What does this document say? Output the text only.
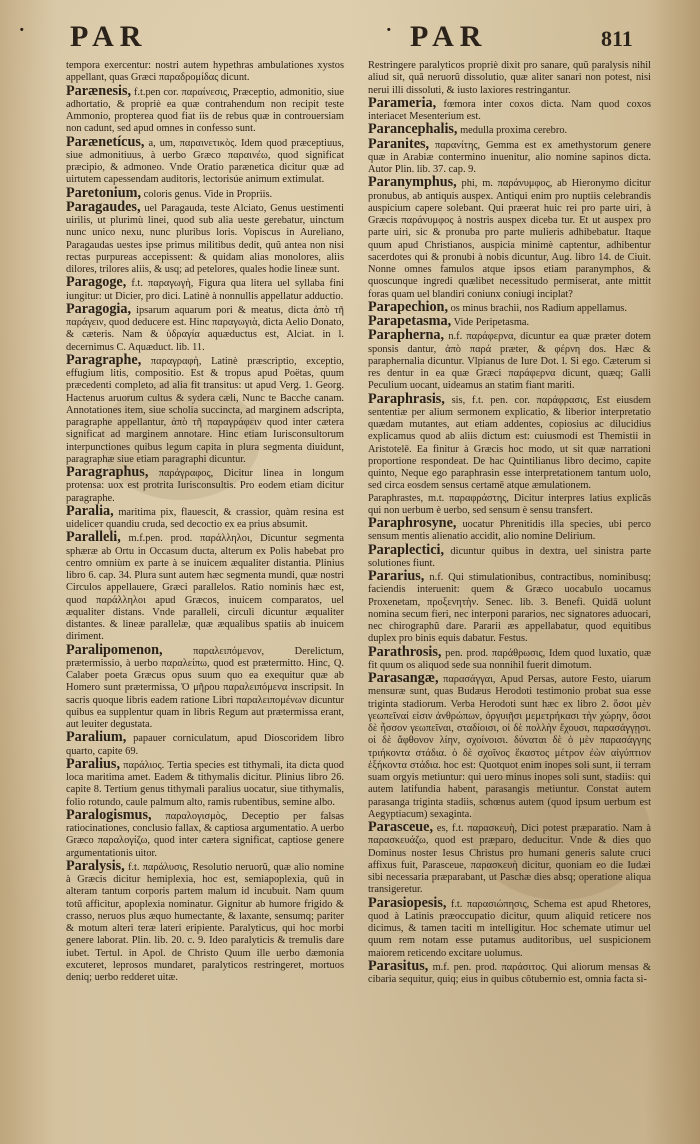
· PAR	· PAR	811

tempora exercentur: nostri autem hypethras ambulationes xystos appellant, quas Græci παραδρομίδας dicunt.

Parænesis, f.t.pen cor. παραίνεσις, Præceptio, admonitio, siue adhortatio, & propriè ea quæ contrahendum non recipit teste Ammonio, propterea quod fiat iis de rebus quæ in controuersiam non cadunt, sed apud omnes in confesso sunt.

Parænetícus, a, um, παραινετικὸς. Idem quod præceptiuus, siue admonitiuus, à uerbo Græco παραινέω, quod significat præcipio, & admoneo. Vnde Oratio parænetica dicitur quæ ad uirtutem capessendam auditoris, lectorisúe animum extimulat.

Paretonium, coloris genus. Vide in Propriis.

Paragaudes, uel Paragauda, teste Alciato, Genus uestimenti uirilis, ut plurimù linei, quod sub alia ueste gerebatur, uinctum nunc unico nexu, nunc pluribus loris. Vopiscus in Aureliano, Paragaudas uestes ipse primus militibus dedit, quũ antea non nisi rectas purpureas accepissent: & quidam alias monolores, aliis dilores, trilores aliis, & usq; ad petelores, quales hodie lineæ sunt.

Paragoge, f.t. παραγωγὴ, Figura qua litera uel syllaba fini iungitur: ut Dicier, pro dici. Latinè à nonnullis appellatur adductio.

Paragogia, ipsarum aquarum pori & meatus, dicta ἀπὸ τῆ παράγειν, quod deducere est. Hinc παραγωγιὰ, dicta Aelio Donato, & cæteris. Nam & ὑδραγία aquæductus est, Alciat. in l. decernimus C. Aquæduct. lib. 11.

Paragraphe, παραγραφὴ, Latinè præscriptio, exceptio, effugium litis, compositio. Est & tropus apud Poëtas, quum præcedenti completo, ad alia fit transitus: ut apud Verg. 1. Georg. Hactenus aruorum cultus & sydera cæli, Nunc te Bacche canam. Annotationes item, siue scholia succincta, ad marginem adscripta, paragraphe appellantur, ἀπὸ τῆ παραγράφειν quod inter cætera significat ad marginem annotare. Hinc etiam Iurisconsultorum interpunctiones quibus legum capita in plura segmenta diuidunt, paragraphæ siue etiam paragraphi dicuntur.

Paragraphus, παράγραφος, Dicitur linea in longum protensa: uox est protrita Iurisconsultis. Pro eodem etiam dicitur paragraphe.

Paralia, maritima pix, flauescit, & crassior, quàm resina est uideliceт quandiu cruda, sed decoctio ex ea prius absumit.

Paralleli, m.f.pen. prod. παράλληλοι, Dicuntur segmenta sphæræ ab Ortu in Occasum ducta, alterum ex Polis habebat pro centro omniùm ex parte à se inuicem æqualiter distantia. Plinius libro 6. cap. 34. Plura sunt autem hæc segmenta mundi, quæ nostri Circulos appellauere, Græci parallelos. Ratio nominis hæc est, quod παράλληλοι apud Græcos, inuicem comparatos, uel æqualiter distans. Vnde paralleli, circuli dicuntur æqualiter distantes. & lineæ parallelæ, quæ æqualibus spatiis ab inuicem diriment.

Paralipomenon,	παραλειπόμενον, Derelictum, prætermissio, à uerbo παραλείπω, quod est prætermitto. Hinc, Q. Calaber poeta Græcus opus suum quo ea exequitur quæ ab Homero sunt prætermissa, Ὁ μῆρου παραλειπόμενα inscripsit. In sacris quoque libris eadem ratione Libri παραλειπομένων dicuntur quibus ea supplentur quam in libris Regum aut prætermissa erant, aut leuiter degustata.

Paralium, papauer corniculatum, apud Dioscoridem libro quarto, capite 69.

Paralius, παράλιος. Tertia species est tithymali, ita dicta quod loca maritima amet. Eadem & tithymalis dicitur. Plinius libro 26. capite 8. Tertium genus tithymali paralius uocatur, siue tithymalis, folio rotundo, caule palmum alto, ramis rubentibus, semine albo.

Paralogismus, παραλογισμὸς, Deceptio per falsas ratiocinationes, conclusio fallax, & captiosa argumentatio. A uerbo Græco παραλογίζω, quod inter cætera significat, captiose genere argumentationis uitor.

Paralysis, f.t. παράλυσις, Resolutio neruorũ, quæ alio nomine à Græcis dicitur hemiplexia, hoc est, semiapoplexia, quũ in alteram tantum corporis partem malum id incubuit. Nam quum totũ afficitur, apoplexia nominatur. Gignitur ab humore frigido & crasso, neruos plus æquo humectante, & laxante, sensumq; pariter & motum alteri teræ lateri eripiente. Paralyticus, qui hoc morbi genere laborat. Plin. lib. 20. c. 9. Ideo paralyticis & tremulis dare iubet. Tertul. in Apol. de Christo Quum ille uerbo dæmonia excuteret, leprosos mundaret, paralyticos restringeret, mortuos deniq; uerbo redderet uitæ.

Restringere paralyticos propriè dixit pro sanare, quũ paralysis nihil aliud sit, quã neruorũ dissolutio, quæ aliter sanari non potest, nisi nerui illi dissoluti, & iusto laxiores restringantur.

Parameria, fœmora inter coxos dicta. Nam quod coxos interiacet Mesenterium est.

Parancephalis, medulla proxima cerebro.

Paranites, παρανίτης, Gemma est ex amethystorum genere quæ in Arabiæ contermino inuenitur, alio nomine sapinos dicta. Autor Plin. lib. 37. cap. 9.

Paranymphus, phi, m. παράνυμφος, ab Hieronymo dicitur pronubus, ab antiquis auspex. Antiqui enim pro nuptiis celebrandis auspicium capere solebant. Qui præerat huic rei pro parte uiri, à Græcis παράνυμφος à nostris auspex diceba tur. Et ut auspex pro parte uiri, sic & pronuba pro parte mulieris adhibebatur. Itaque quum apud Christianos, auspicia minimè captentur, adhibentur sacerdotes qui & pronubi à nobis dicuntur, Aug. libro 14. de Ciuit. Nonne omnes famulos atque ipsos etiam paranymphos, & quoscunque ingredi quælibet necessitudo permiserat, ante mittit foras quam uel blandiri coniunx coniugi inciplat?

Parapechion, os minus brachii, nos Radium appellamus.

Parapetasma, Vide Peripetasma.

Parapherna, n.f. παράφερνα, dicuntur ea quæ præter dotem sponsis dantur, ἀπὸ παρά præter, & φέρνη dos. Hæc & paraphernalia dicuntur. Vlpianus de Iure Dot. l. Si ego. Cæterum si res dentur in ea quæ Græci παράφερνα dicunt, quæq; Galli Peculium uocant, uideamus an statim fiant mariti.

Paraphrasis, sis, f.t. pen. cor. παράφρασις, Est eiusdem sententiæ per alium sermonem explicatio, & liberior interpretatio quædam mutantes, aut etiam addentes, copiosius ac dilucidius explicamus quod ab aliis dictum est: cuiusmodi est Themistii in Aristotelē. Ea finitur à Græcis hoc modo, ut sit quæ narrationi proportione respondeat. De hac Quintilianus libro decimo, capite quinto, Neque ego paraphrasin esse interpretationem tantum uolo, sed circa eosdem sensus certamē atque æmulationem.

Paraphrastes, m.t. παραφράστης, Dicitur interpres latius explicās qui non uerbum è uerbo, sed sensum è sensu transfert.

Paraphrosyne, uocatur Phrenitidis illa species, ubi perco sensum mentis alienatio accidit, alio nomine Delirium.

Paraplectici, dicuntur quibus in dextra, uel sinistra parte solutiones fiunt.

Pararius, n.f. Qui stimulationibus, contractibus, nominibusq; faciendis interuenit: quem & Græco uocabulo uocamus Proxenetam, προξενητὴν. Senec. lib. 3. Benefi. Quidā uolunt nomina secum fieri, nec interponi pararios, nec signatores aduocari, nec chirographũ dare. Pararii æs appellabatur, quod equitibus duplex pro binis equis dabatur. Festus.

Parathrosis, pen. prod. παράθρωσις, Idem quod luxatio, quæ fit quum os aliquod sede sua nonnihil fuerit dimotum.

Parasangæ, παρασάγγαι, Apud Persas, autore Festo, uiarum mensuræ sunt, quas Budæus Herodoti testimonio probat sua esse triginta stadiorum. Verba Herodoti sunt hæc ex libro 2. ὅσοι μὲν γεωπεῖναί εἰσιν ἀνθρώπων, ὀργυιῇσι μεμετρήκασι τὴν χώρην, ὅσοι δὲ ἧσσον γεωπεῖναι, σταδίοισι, οἱ δὲ πολλὴν ἔχουσι, παρασάγγῃσι. οἱ δὲ ἄφθονον λίην, σχοίνοισι. δύναται δὲ ὁ μὲν παρασάγγης τριήκοντα στάδια. ὁ δὲ σχοῖνος ἕκαστος μέτρον ἐὼν αἰγύπτιον ἑξήκοντα στάδια. hoc est: Quotquot enim inopes soli sunt, ii terram suam orgyis metiuntur: qui uero minus inopes soli sunt, stadiis: qui autem latifundia habent, parasangis metiuntur. Constat autem parasanga triginta stadiis, schœnus autem (quod ipsum uerbum est Aegyptiacum) sexaginta.

Parasceue, es, f.t. παρασκευὴ, Dici potest præparatio. Nam à παρασκευάζω, quod est præparo, deducitur. Vnde & dies quo Dominus noster Iesus Christus pro humani generis salute cruci affixus fuit, Parasceue, παρασκευὴ dicitur, quoniam eo die Iudæi sibi necessaria præparabant, ut Paschæ dies absq; operatione aliqua transigeretur.

Parasiopesis, f.t. παρασιώπησις, Schema est apud Rhetores, quod à Latinis præoccupatio dicitur, quum aliquid reticere nos dicimus, & tamen taciti m intelligitur. Hoc schemate utimur uel quum rem notam esse putamus auditoribus, uel suspicionem maiorem reticendo excitare uolumus.

Parasitus, m.f. pen. prod. παράσιτος. Qui aliorum mensas & cibaria sequitur, quiq; eius in quibus côtubernio est, omnia facta si-
